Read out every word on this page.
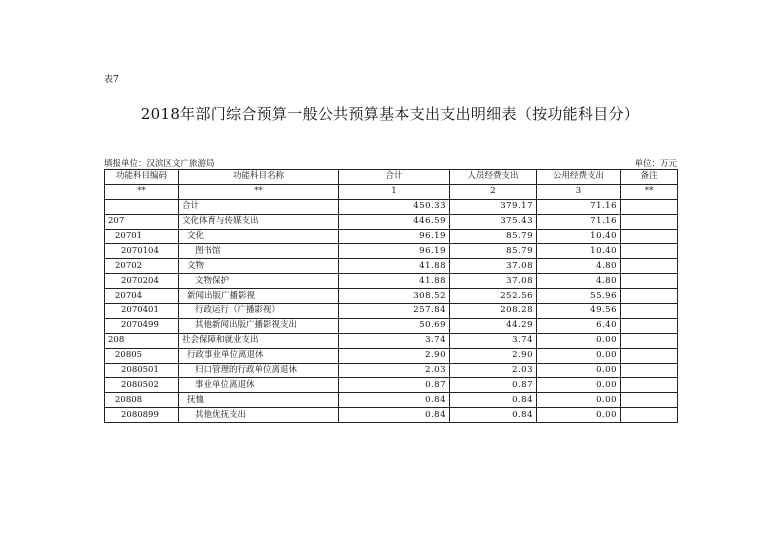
表7
2018年部门综合预算一般公共预算基本支出支出明细表（按功能科目分）
填报单位：汉滨区文广旅游局	单位：万元
功能科目编码	功能科目名称	合计	人员经费支出	公用经费支出	备注
**	**	1	2	3	**
	合计	450.33	379.17	71.16	
207	文化体育与传媒支出	446.59	375.43	71.16	
20701	文化	96.19	85.79	10.40	
2070104	图书馆	96.19	85.79	10.40	
20702	文物	41.88	37.08	4.80	
2070204	文物保护	41.88	37.08	4.80	
20704	新闻出版广播影视	308.52	252.56	55.96	
2070401	行政运行（广播影视）	257.84	208.28	49.56	
2070499	其他新闻出版广播影视支出	50.69	44.29	6.40	
208	社会保障和就业支出	3.74	3.74	0.00	
20805	行政事业单位离退休	2.90	2.90	0.00	
2080501	归口管理的行政单位离退休	2.03	2.03	0.00	
2080502	事业单位离退休	0.87	0.87	0.00	
20808	抚恤	0.84	0.84	0.00	
2080899	其他优抚支出	0.84	0.84	0.00	
